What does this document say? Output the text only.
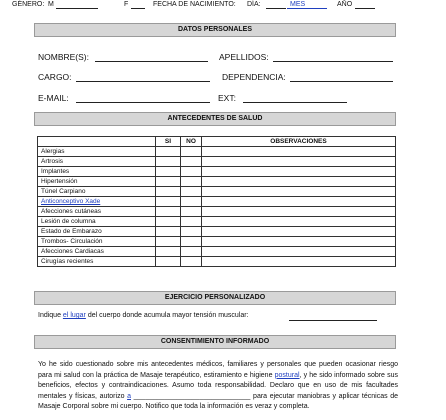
GÉNERO: M	F	FECHA DE NACIMIENTO: DÍA:	MES	AÑO
DATOS PERSONALES
NOMBRE(S):	APELLIDOS:
CARGO:	DEPENDENCIA:
E-MAIL:	EXT:
ANTECEDENTES DE SALUD
	SI	NO	OBSERVACIONES
Alergias			
Artrosis			
Implantes			
Hipertensión			
Túnel Carpiano			
Anticonceptivo Xade			
Afecciones cutáneas			
Lesión de columna			
Estado de Embarazo			
Trombos- Circulación			
Afecciones Cardiacas			
Cirugías recientes			
EJERCICIO PERSONALIZADO
Indique el lugar del cuerpo donde acumula mayor tensión muscular:
CONSENTIMIENTO INFORMADO
Yo he sido cuestionado sobre mis antecedentes médicos, familiares y personales que pueden ocasionar riesgo para mi salud con la práctica de Masaje terapéutico, estiramiento e higiene postural, y he sido informado sobre sus beneficios, efectos y contraindicaciones. Asumo toda responsabilidad. Declaro que en uso de mis facultades mentales y físicas, autorizo a ______________________________ para ejecutar maniobras y aplicar técnicas de Masaje Corporal sobre mi cuerpo. Notifico que toda la información es veraz y completa.
